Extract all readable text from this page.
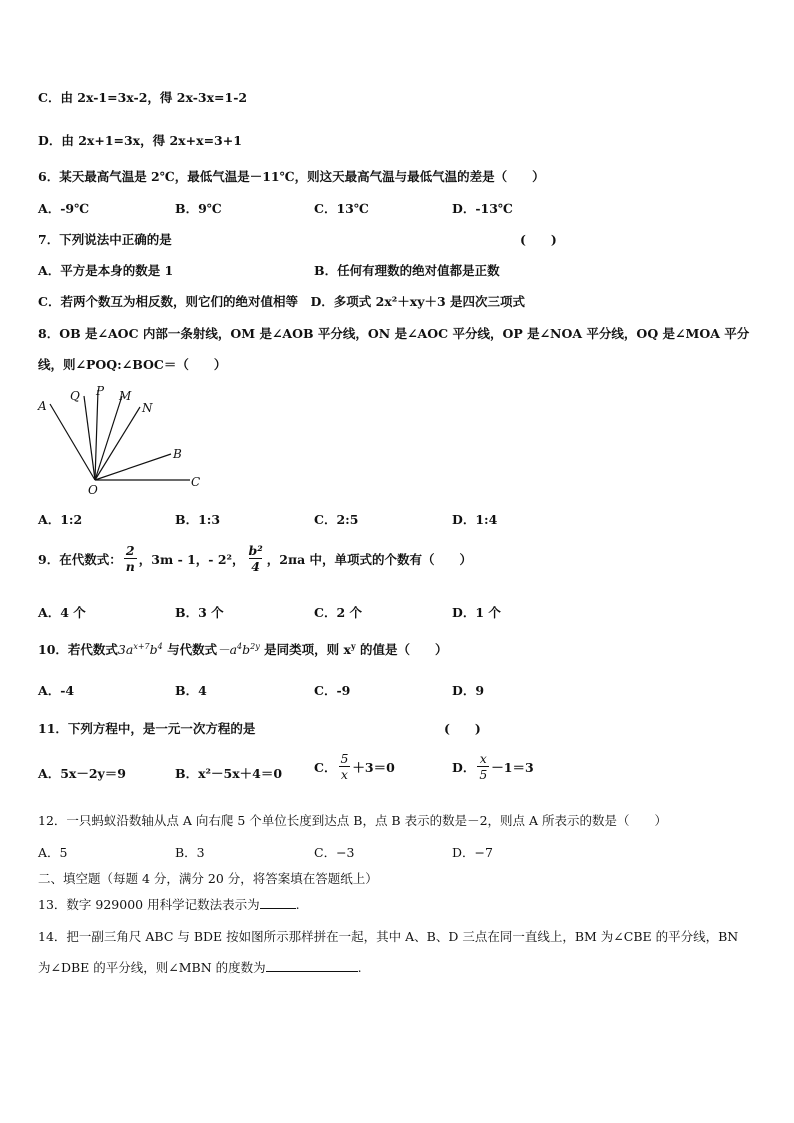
C．由 2x-1=3x-2，得 2x-3x=1-2
D．由 2x+1=3x，得 2x+x=3+1
6．某天最高气温是 2℃，最低气温是－11℃，则这天最高气温与最低气温的差是（　　）
A．-9℃	B．9℃	C．13℃	D．-13℃
7．下列说法中正确的是	(　　)
A．平方是本身的数是 1	B．任何有理数的绝对值都是正数
C．若两个数互为相反数，则它们的绝对值相等　D．多项式 2x²＋xy＋3 是四次三项式
8．OB 是∠AOC 内部一条射线，OM 是∠AOB 平分线，ON 是∠AOC 平分线，OP 是∠NOA 平分线，OQ 是∠MOA 平分
线，则∠POQ:∠BOC＝（　　）
A
Q P M
N
B
O
C
A．1:2	B．1:3	C．2:5	D．1:4
9．在代数式： $\frac{2}{n}$ ，3m - 1，- 2²， $\frac{\text{b²}}{4}$ ，2πa 中，单项式的个数有（　　）
A．4 个	B．3 个	C．2 个	D．1 个
10．若代数式$3a^{x+7}b^4$ 与代数式$-a^4b^{2y}$ 是同类项，则 $x^y$ 的值是（　　）
A．-4	B．4	C．-9	D．9
11．下列方程中，是一元一次方程的是	(　　)
A．5x－2y＝9	B．x²－5x＋4＝0	C． $\frac{5}{x} +3=0$	D． $\frac{x}{5} -1=3$
12．一只蚂蚁沿数轴从点 A 向右爬 5 个单位长度到达点 B，点 B 表示的数是－2，则点 A 所表示的数是（　　）
A．5	B．3	C．−3	D．−7
二、填空题（每题 4 分，满分 20 分，将答案填在答题纸上）
13．数字 929000 用科学记数法表示为	.
14．把一副三角尺 ABC 与 BDE 按如图所示那样拼在一起，其中 A、B、D 三点在同一直线上，BM 为∠CBE 的平分线，BN
为∠DBE 的平分线，则∠MBN 的度数为	.
